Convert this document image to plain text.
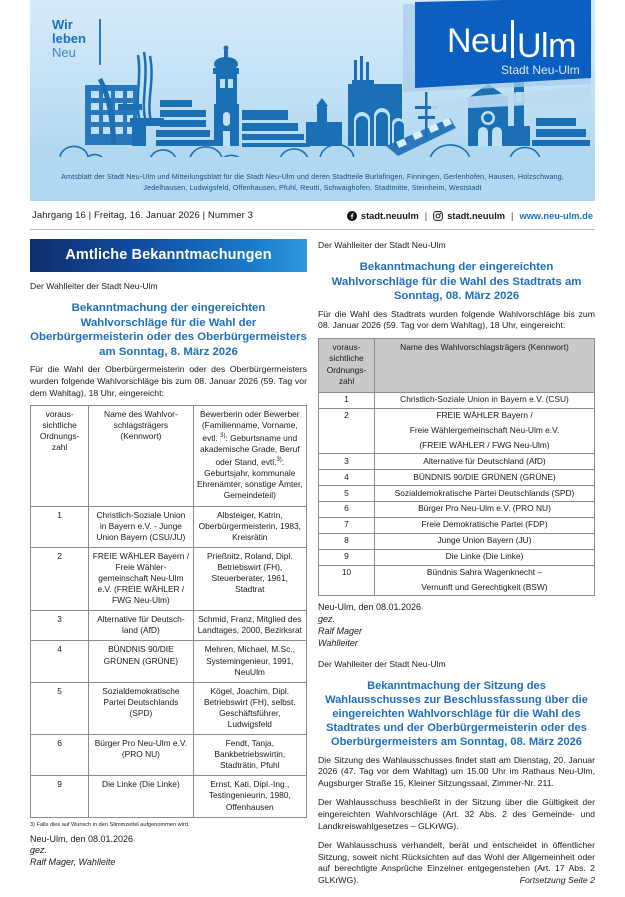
Wir
leben
Neu	Neu Ulm
Stadt Neu-Ulm
Amtsblatt der Stadt Neu-Ulm und Mitteilungsblatt für die Stadt Neu-Ulm und deren Stadtteile Burlafingen, Finningen, Gerlenhofen, Hausen, Holzschwang, Jedelhausen, Ludwigsfeld, Offenhausen, Pfuhl, Reutti, Schwaighofen, Stadtmitte, Steinheim, Weststadt
Jahrgang 16 | Freitag, 16. Januar 2026 | Nummer 3	stadt.neuulm | stadt.neuulm | www.neu-ulm.de
Amtliche Bekanntmachungen
Der Wahlleiter der Stadt Neu-Ulm
Bekanntmachung der eingereichten Wahlvorschläge für die Wahl der Oberbürgermeisterin oder des Oberbürgermeisters am Sonntag, 8. März 2026
Für die Wahl der Oberbürgermeisterin oder des Oberbürgermeisters wurden folgende Wahlvorschläge bis zum 08. Januar 2026 (59. Tag vor dem Wahltag), 18 Uhr, eingereicht:
voraussichtliche Ordnungszahl	Name des Wahlvorschlagsträgers (Kennwort)	Bewerberin oder Bewerber (Familienname, Vorname, evtl. $^{3)}$: Geburtsname und akademische Grade, Beruf oder Stand, evtl.$^{3)}$: Geburtsjahr, kommunale Ehrenämter, sonstige Ämter, Gemeindeteil)
1	Christlich-Soziale Union in Bayern e.V. - Junge Union Bayern (CSU/JU)	Albsteiger, Katrin, Oberbürgermeisterin, 1983, Kreisrätin
2	FREIE WÄHLER Bayern / Freie Wählergemeinschaft Neu-Ulm e.V. (FREIE WÄHLER / FWG Neu-Ulm)	Prießnitz, Roland, Dipl. Betriebswirt (FH), Steuerberater, 1961, Stadtrat
3	Alternative für Deutschland (AfD)	Schmid, Franz, Mitglied des Landtages, 2000, Bezirksrat
4	BÜNDNIS 90/DIE GRÜNEN (GRÜNE)	Mehren, Michael, M.Sc., Systemingenieur, 1991, NeuUlm
5	Sozialdemokratische Partei Deutschlands (SPD)	Kögel, Joachim, Dipl. Betriebswirt (FH), selbst. Geschäftsführer, Ludwigsfeld
6	Bürger Pro Neu-Ulm e.V. (PRO NU)	Fendt, Tanja, Bankbetriebswirtin, Stadträtin, Pfuhl
9	Die Linke (Die Linke)	Ernst, Kati, Dipl.-Ing., Testingenieurin, 1980, Offenhausen
3) Falls dies auf Wunsch in den Stimmzettel aufgenommen wird.
Neu-Ulm, den 08.01.2026
gez.
Ralf Mager, Wahlleite
Der Wahlleiter der Stadt Neu-Ulm
Bekanntmachung der eingereichten Wahlvorschläge für die Wahl des Stadtrats am Sonntag, 08. März 2026
Für die Wahl des Stadtrats wurden folgende Wahlvorschläge bis zum 08. Januar 2026 (59. Tag vor dem Wahltag), 18 Uhr, eingereicht:
voraussichtliche Ordnungszahl	Name des Wahlvorschlagsträgers (Kennwort)
1	Christlich-Soziale Union in Bayern e.V. (CSU)
2	FREIE WÄHLER Bayern /
	Freie Wählergemeinschaft Neu-Ulm e.V.
	(FREIE WÄHLER / FWG Neu-Ulm)
3	Alternative für Deutschland (AfD)
4	BÜNDNIS 90/DIE GRÜNEN (GRÜNE)
5	Sozialdemokratische Partei Deutschlands (SPD)
6	Bürger Pro Neu-Ulm e.V. (PRO NU)
7	Freie Demokratische Partei (FDP)
8	Junge Union Bayern (JU)
9	Die Linke (Die Linke)
10	Bündnis Sahra Wagenknecht –
	Vernunft und Gerechtigkeit (BSW)
Neu-Ulm, den 08.01.2026
gez.
Ralf Mager
Wahlleiter
Der Wahlleiter der Stadt Neu-Ulm
Bekanntmachung der Sitzung des Wahlausschusses zur Beschlussfassung über die eingereichten Wahlvorschläge für die Wahl des Stadtrates und der Oberbürgermeisterin oder des Oberbürgermeisters am Sonntag, 08. März 2026
Die Sitzung des Wahlausschusses findet statt am Dienstag, 20. Januar 2026 (47. Tag vor dem Wahltag) um 15.00 Uhr im Rathaus Neu-Ulm, Augsburger Straße 15, Kleiner Sitzungssaal, Zimmer-Nr. 211.
Der Wahlausschuss beschließt in der Sitzung über die Gültigkeit der eingereichten Wahlvorschläge (Art. 32 Abs. 2 des Gemeinde- und Landkreiswahlgesetzes – GLKrWG).
Der Wahlausschuss verhandelt, berät und entscheidet in öffentlicher Sitzung, soweit nicht Rücksichten auf das Wohl der Allgemeinheit oder auf berechtigte Ansprüche Einzelner entgegenstehen (Art. 17 Abs. 2 GLKrWG).	Fortsetzung Seite 2
